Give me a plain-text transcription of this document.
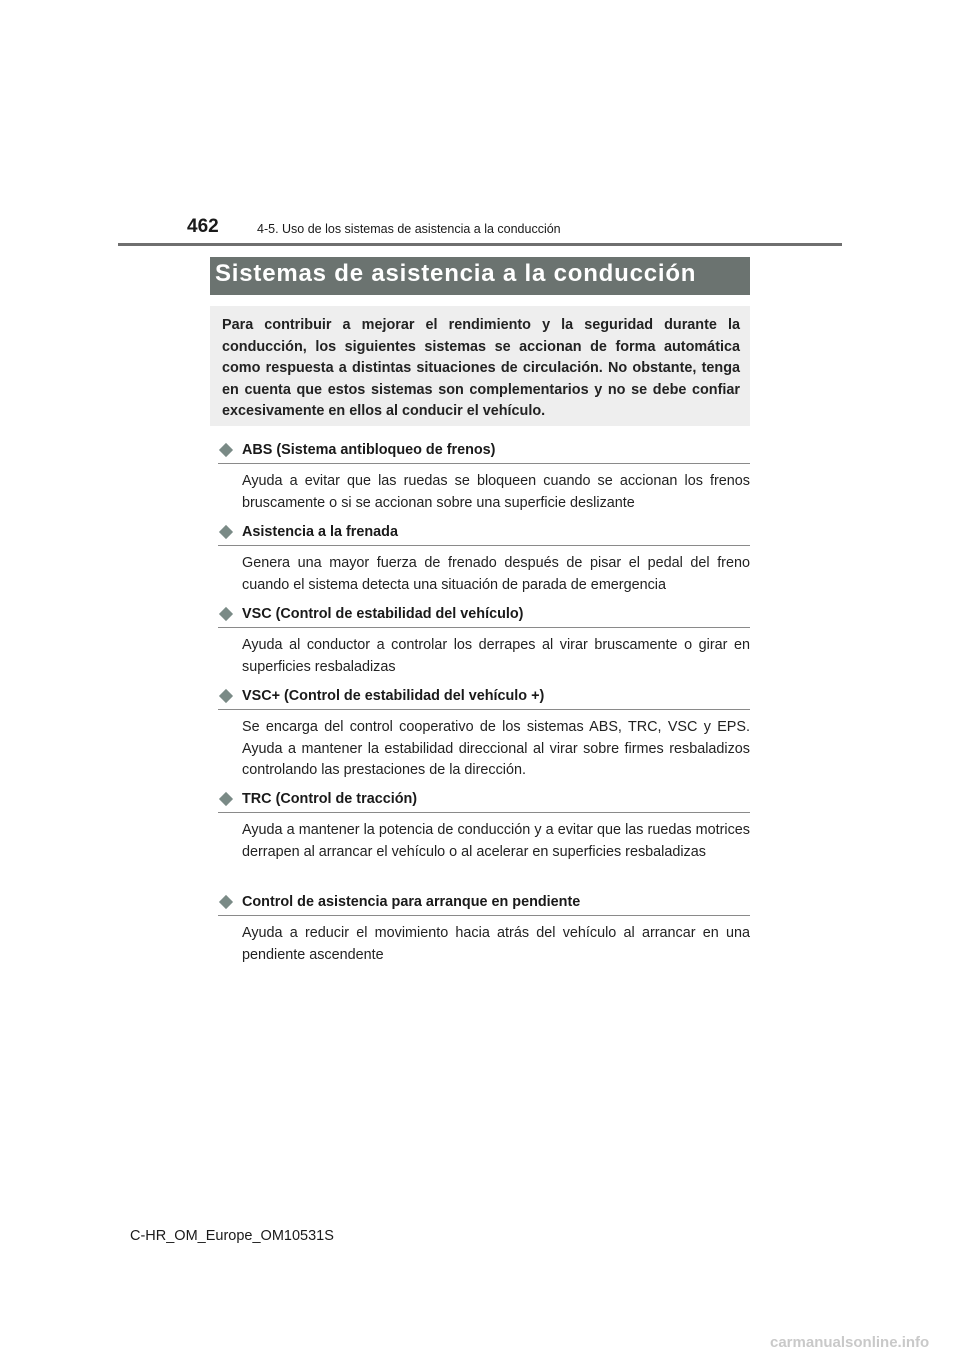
462	4-5. Uso de los sistemas de asistencia a la conducción
Sistemas de asistencia a la conducción

Para contribuir a mejorar el rendimiento y la seguridad durante la conducción, los siguientes sistemas se accionan de forma automática como respuesta a distintas situaciones de circulación. No obstante, tenga en cuenta que estos sistemas son complementarios y no se debe confiar excesivamente en ellos al conducir el vehículo.

ABS (Sistema antibloqueo de frenos)
Ayuda a evitar que las ruedas se bloqueen cuando se accionan los frenos bruscamente o si se accionan sobre una superficie deslizante
Asistencia a la frenada
Genera una mayor fuerza de frenado después de pisar el pedal del freno cuando el sistema detecta una situación de parada de emergencia
VSC (Control de estabilidad del vehículo)
Ayuda al conductor a controlar los derrapes al virar bruscamente o girar en superficies resbaladizas
VSC+ (Control de estabilidad del vehículo +)
Se encarga del control cooperativo de los sistemas ABS, TRC, VSC y EPS. Ayuda a mantener la estabilidad direccional al virar sobre firmes resbaladizos controlando las prestaciones de la dirección.
TRC (Control de tracción)
Ayuda a mantener la potencia de conducción y a evitar que las ruedas motrices derrapen al arrancar el vehículo o al acelerar en superficies resbaladizas
Control de asistencia para arranque en pendiente
Ayuda a reducir el movimiento hacia atrás del vehículo al arrancar en una pendiente ascendente
C-HR_OM_Europe_OM10531S
carmanualsonline.info
